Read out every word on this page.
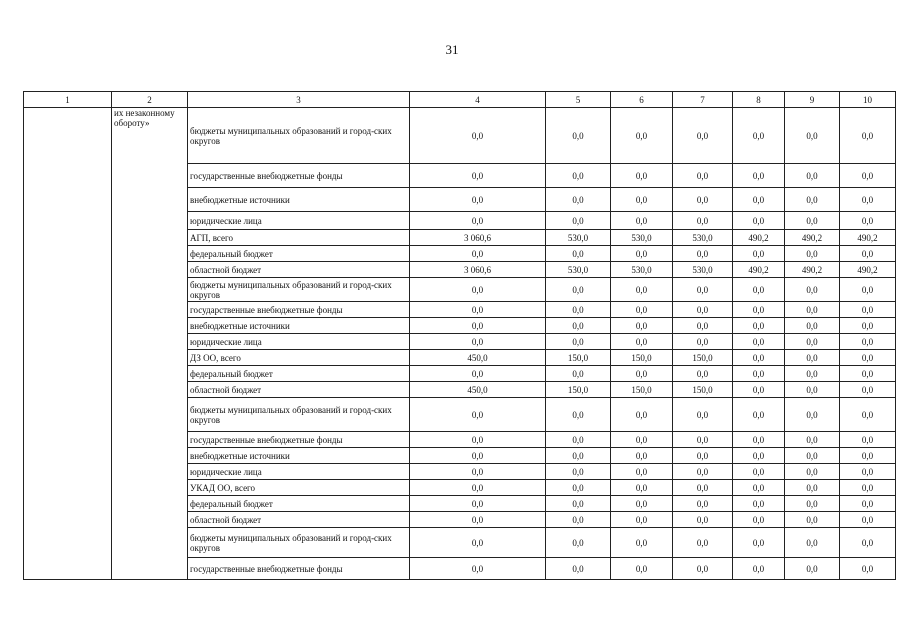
31
1	2	3	4	5	6	7	8	9	10
	их незаконному обороту»	бюджеты муниципальных образований и город-ских округов	0,0	0,0	0,0	0,0	0,0	0,0	0,0
		государственные внебюджетные фонды	0,0	0,0	0,0	0,0	0,0	0,0	0,0
		внебюджетные источники	0,0	0,0	0,0	0,0	0,0	0,0	0,0
		юридические лица	0,0	0,0	0,0	0,0	0,0	0,0	0,0
		АГП, всего	3 060,6	530,0	530,0	530,0	490,2	490,2	490,2
		федеральный бюджет	0,0	0,0	0,0	0,0	0,0	0,0	0,0
		областной бюджет	3 060,6	530,0	530,0	530,0	490,2	490,2	490,2
		бюджеты муниципальных образований и город-ских округов	0,0	0,0	0,0	0,0	0,0	0,0	0,0
		государственные внебюджетные фонды	0,0	0,0	0,0	0,0	0,0	0,0	0,0
		внебюджетные источники	0,0	0,0	0,0	0,0	0,0	0,0	0,0
		юридические лица	0,0	0,0	0,0	0,0	0,0	0,0	0,0
		ДЗ ОО, всего	450,0	150,0	150,0	150,0	0,0	0,0	0,0
		федеральный бюджет	0,0	0,0	0,0	0,0	0,0	0,0	0,0
		областной бюджет	450,0	150,0	150,0	150,0	0,0	0,0	0,0
		бюджеты муниципальных образований и город-ских округов	0,0	0,0	0,0	0,0	0,0	0,0	0,0
		государственные внебюджетные фонды	0,0	0,0	0,0	0,0	0,0	0,0	0,0
		внебюджетные источники	0,0	0,0	0,0	0,0	0,0	0,0	0,0
		юридические лица	0,0	0,0	0,0	0,0	0,0	0,0	0,0
		УКАД ОО, всего	0,0	0,0	0,0	0,0	0,0	0,0	0,0
		федеральный бюджет	0,0	0,0	0,0	0,0	0,0	0,0	0,0
		областной бюджет	0,0	0,0	0,0	0,0	0,0	0,0	0,0
		бюджеты муниципальных образований и город-ских округов	0,0	0,0	0,0	0,0	0,0	0,0	0,0
		государственные внебюджетные фонды	0,0	0,0	0,0	0,0	0,0	0,0	0,0
